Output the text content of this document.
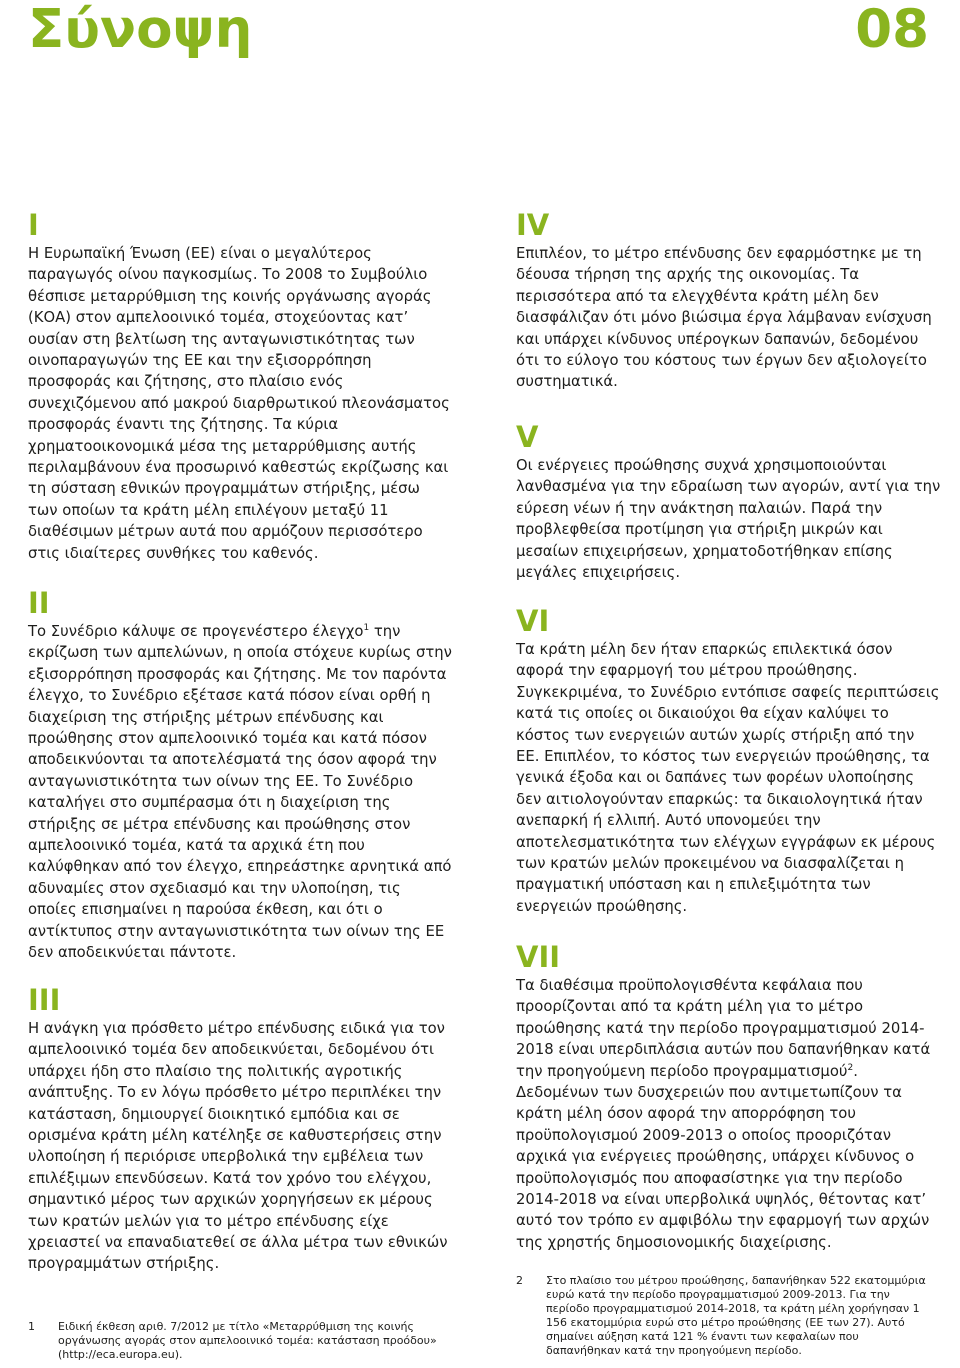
Σύνοψη	08
I

Η Ευρωπαϊκή Ένωση (ΕΕ) είναι ο μεγαλύτερος παραγωγός οίνου παγκοσμίως. Το 2008 το Συμβούλιο θέσπισε μεταρρύθμιση της κοινής οργάνωσης αγοράς (ΚΟΑ) στον αμπελοοινικό τομέα, στοχεύοντας κατ’ ουσίαν στη βελτίωση της ανταγωνιστικότητας των οινοπαραγωγών της ΕΕ και την εξισορρόπηση προσφοράς και ζήτησης, στο πλαίσιο ενός συνεχιζόμενου από μακρού διαρθρωτικού πλεονάσματος προσφοράς έναντι της ζήτησης. Τα κύρια χρηματοοικονομικά μέσα της μεταρρύθμισης αυτής περιλαμβάνουν ένα προσωρινό καθεστώς εκρίζωσης και τη σύσταση εθνικών προγραμμάτων στήριξης, μέσω των οποίων τα κράτη μέλη επιλέγουν μεταξύ 11 διαθέσιμων μέτρων αυτά που αρμόζουν περισσότερο στις ιδιαίτερες συνθήκες του καθενός.

II

Το Συνέδριο κάλυψε σε προγενέστερο έλεγχο$^1$ την εκρίζωση των αμπελώνων, η οποία στόχευε κυρίως στην εξισορρόπηση προσφοράς και ζήτησης. Με τον παρόντα έλεγχο, το Συνέδριο εξέτασε κατά πόσον είναι ορθή η διαχείριση της στήριξης μέτρων επένδυσης και προώθησης στον αμπελοοινικό τομέα και κατά πόσον αποδεικνύονται τα αποτελέσματά της όσον αφορά την ανταγωνιστικότητα των οίνων της ΕΕ. Το Συνέδριο καταλήγει στο συμπέρασμα ότι η διαχείριση της στήριξης σε μέτρα επένδυσης και προώθησης στον αμπελοοινικό τομέα, κατά τα αρχικά έτη που καλύφθηκαν από τον έλεγχο, επηρεάστηκε αρνητικά από αδυναμίες στον σχεδιασμό και την υλοποίηση, τις οποίες επισημαίνει η παρούσα έκθεση, και ότι ο αντίκτυπος στην ανταγωνιστικότητα των οίνων της ΕΕ δεν αποδεικνύεται πάντοτε.

III

Η ανάγκη για πρόσθετο μέτρο επένδυσης ειδικά για τον αμπελοοινικό τομέα δεν αποδεικνύεται, δεδομένου ότι υπάρχει ήδη στο πλαίσιο της πολιτικής αγροτικής ανάπτυξης. Το εν λόγω πρόσθετο μέτρο περιπλέκει την κατάσταση, δημιουργεί διοικητικό εμπόδια και σε ορισμένα κράτη μέλη κατέληξε σε καθυστερήσεις στην υλοποίηση ή περιόρισε υπερβολικά την εμβέλεια των επιλέξιμων επενδύσεων. Κατά τον χρόνο του ελέγχου, σημαντικό μέρος των αρχικών χορηγήσεων εκ μέρους των κρατών μελών για το μέτρο επένδυσης είχε χρειαστεί να επαναδιατεθεί σε άλλα μέτρα των εθνικών προγραμμάτων στήριξης.

1 Ειδική έκθεση αριθ. 7/2012 με τίτλο «Μεταρρύθμιση της κοινής οργάνωσης αγοράς στον αμπελοοινικό τομέα: κατάσταση προόδου» (http://eca.europa.eu).
IV

Επιπλέον, το μέτρο επένδυσης δεν εφαρμόστηκε με τη δέουσα τήρηση της αρχής της οικονομίας. Τα περισσότερα από τα ελεγχθέντα κράτη μέλη δεν διασφάλιζαν ότι μόνο βιώσιμα έργα λάμβαναν ενίσχυση και υπάρχει κίνδυνος υπέρογκων δαπανών, δεδομένου ότι το εύλογο του κόστους των έργων δεν αξιολογείτο συστηματικά.

V

Οι ενέργειες προώθησης συχνά χρησιμοποιούνται λανθασμένα για την εδραίωση των αγορών, αντί για την εύρεση νέων ή την ανάκτηση παλαιών. Παρά την προβλεφθείσα προτίμηση για στήριξη μικρών και μεσαίων επιχειρήσεων, χρηματοδοτήθηκαν επίσης μεγάλες επιχειρήσεις.

VI

Τα κράτη μέλη δεν ήταν επαρκώς επιλεκτικά όσον αφορά την εφαρμογή του μέτρου προώθησης. Συγκεκριμένα, το Συνέδριο εντόπισε σαφείς περιπτώσεις κατά τις οποίες οι δικαιούχοι θα είχαν καλύψει το κόστος των ενεργειών αυτών χωρίς στήριξη από την ΕΕ. Επιπλέον, το κόστος των ενεργειών προώθησης, τα γενικά έξοδα και οι δαπάνες των φορέων υλοποίησης δεν αιτιολογούνταν επαρκώς: τα δικαιολογητικά ήταν ανεπαρκή ή ελλιπή. Αυτό υπονομεύει την αποτελεσματικότητα των ελέγχων εγγράφων εκ μέρους των κρατών μελών προκειμένου να διασφαλίζεται η πραγματική υπόσταση και η επιλεξιμότητα των ενεργειών προώθησης.

VII

Τα διαθέσιμα προϋπολογισθέντα κεφάλαια που προορίζονται από τα κράτη μέλη για το μέτρο προώθησης κατά την περίοδο προγραμματισμού 2014-2018 είναι υπερδιπλάσια αυτών που δαπανήθηκαν κατά την προηγούμενη περίοδο προγραμματισμού$^2$. Δεδομένων των δυσχερειών που αντιμετωπίζουν τα κράτη μέλη όσον αφορά την απορρόφηση του προϋπολογισμού 2009-2013 ο οποίος προοριζόταν αρχικά για ενέργειες προώθησης, υπάρχει κίνδυνος ο προϋπολογισμός που αποφασίστηκε για την περίοδο 2014-2018 να είναι υπερβολικά υψηλός, θέτοντας κατ’ αυτό τον τρόπο εν αμφιβόλω την εφαρμογή των αρχών της χρηστής δημοσιονομικής διαχείρισης.

2 Στο πλαίσιο του μέτρου προώθησης, δαπανήθηκαν 522 εκατομμύρια ευρώ κατά την περίοδο προγραμματισμού 2009-2013. Για την περίοδο προγραμματισμού 2014-2018, τα κράτη μέλη χορήγησαν 1 156 εκατομμύρια ευρώ στο μέτρο προώθησης (ΕΕ των 27). Αυτό σημαίνει αύξηση κατά 121 % έναντι των κεφαλαίων που δαπανήθηκαν κατά την προηγούμενη περίοδο.
